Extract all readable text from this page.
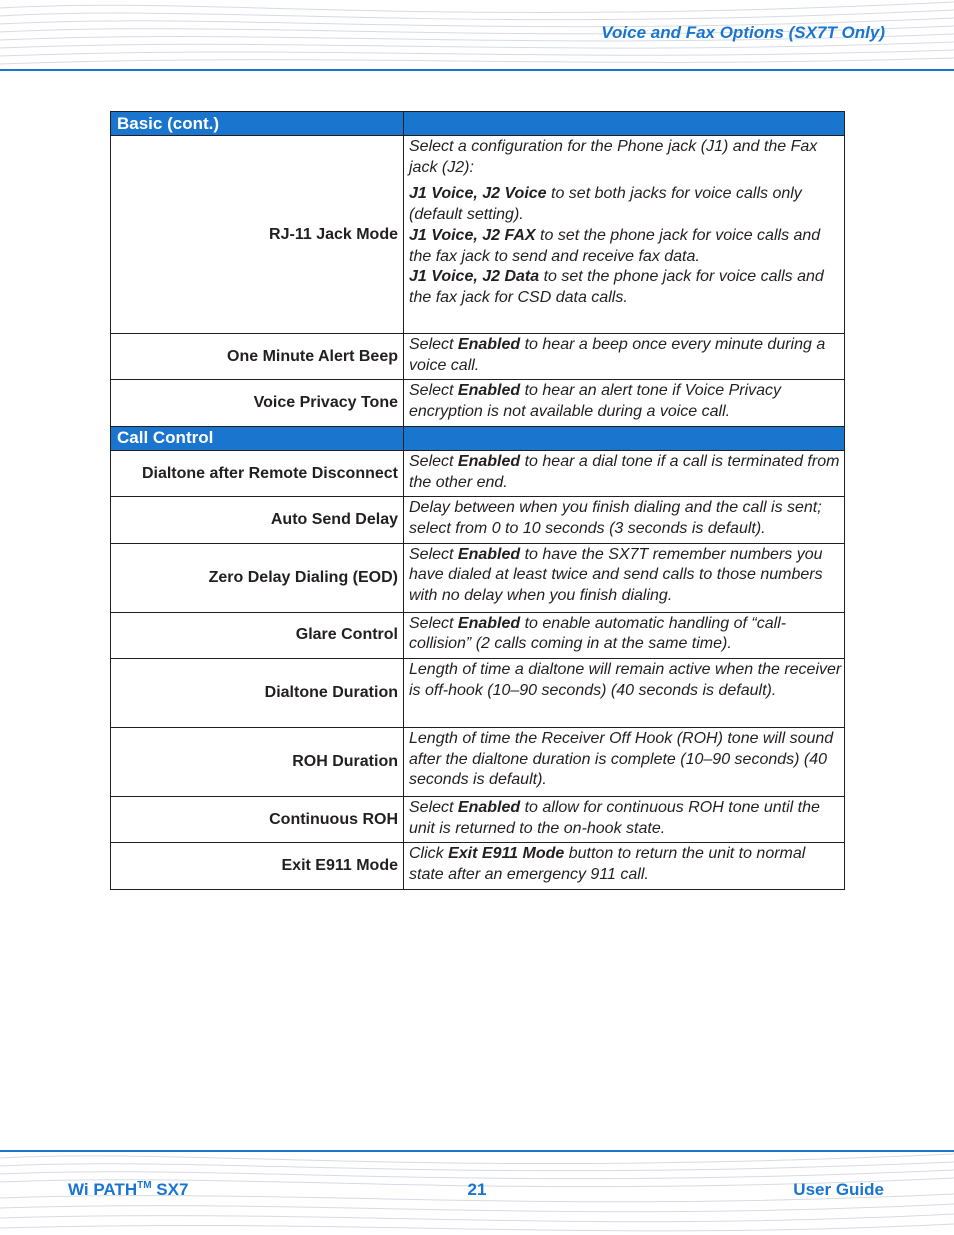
Voice and Fax Options (SX7T Only)
Basic (cont.)	
RJ-11 Jack Mode	Select a configuration for the Phone jack (J1) and the Fax jack (J2):

J1 Voice, J2 Voice to set both jacks for voice calls only (default setting).

J1 Voice, J2 FAX to set the phone jack for voice calls and the fax jack to send and receive fax data.

J1 Voice, J2 Data to set the phone jack for voice calls and the fax jack for CSD data calls.

One Minute Alert Beep	Select Enabled to hear a beep once every minute during a voice call.
Voice Privacy Tone	Select Enabled to hear an alert tone if Voice Privacy encryption is not available during a voice call.
Call Control	
Dialtone after Remote Disconnect	Select Enabled to hear a dial tone if a call is terminated from the other end.
Auto Send Delay	Delay between when you finish dialing and the call is sent; select from 0 to 10 seconds (3 seconds is default).
Zero Delay Dialing (EOD)	Select Enabled to have the SX7T remember numbers you have dialed at least twice and send calls to those numbers with no delay when you finish dialing.
Glare Control	Select Enabled to enable automatic handling of “call-collision” (2 calls coming in at the same time).
Dialtone Duration	Length of time a dialtone will remain active when the receiver is off-hook (10–90 seconds) (40 seconds is default).
ROH Duration	Length of time the Receiver Off Hook (ROH) tone will sound after the dialtone duration is complete (10–90 seconds) (40 seconds is default).
Continuous ROH	Select Enabled to allow for continuous ROH tone until the unit is returned to the on-hook state.
Exit E911 Mode	Click Exit E911 Mode button to return the unit to normal state after an emergency 911 call.
Wi PATH™ SX7	21	User Guide
